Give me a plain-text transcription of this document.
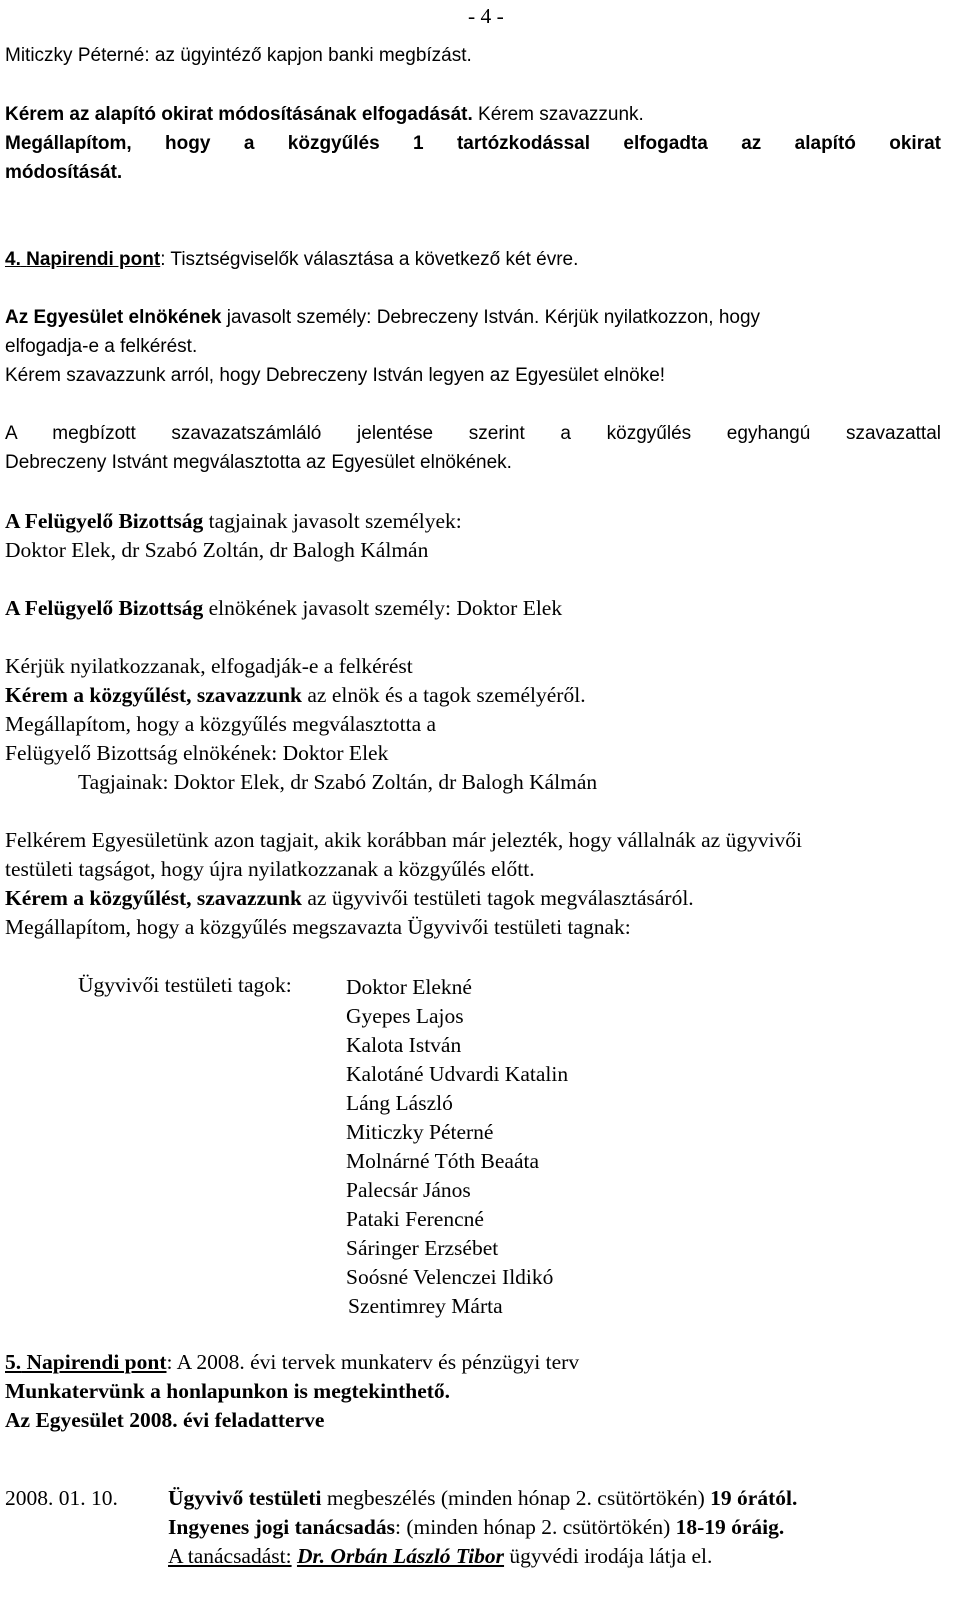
- 4 -
Miticzky Péterné: az ügyintéző kapjon banki megbízást.
Kérem az alapító okirat módosításának elfogadását. Kérem szavazzunk.
Megállapítom, hogy a közgyűlés 1 tartózkodással elfogadta az alapító okirat
módosítását.
4. Napirendi pont: Tisztségviselők választása a következő két évre.
Az Egyesület elnökének javasolt személy: Debreczeny István. Kérjük nyilatkozzon, hogy
elfogadja-e a felkérést.
Kérem szavazzunk arról, hogy Debreczeny István legyen az Egyesület elnöke!
A megbízott szavazatszámláló jelentése szerint a közgyűlés egyhangú szavazattal
Debreczeny Istvánt megválasztotta az Egyesület elnökének.
A Felügyelő Bizottság tagjainak javasolt személyek:
Doktor Elek, dr Szabó Zoltán, dr Balogh Kálmán
A Felügyelő Bizottság elnökének javasolt személy: Doktor Elek
Kérjük nyilatkozzanak, elfogadják-e a felkérést
Kérem a közgyűlést, szavazzunk az elnök és a tagok személyéről.
Megállapítom, hogy a közgyűlés megválasztotta a
Felügyelő Bizottság elnökének: Doktor Elek
Tagjainak: Doktor Elek, dr Szabó Zoltán, dr Balogh Kálmán
Felkérem Egyesületünk azon tagjait, akik korábban már jelezték, hogy vállalnák az ügyvivői
testületi tagságot, hogy újra nyilatkozzanak a közgyűlés előtt.
Kérem a közgyűlést, szavazzunk az ügyvivői testületi tagok megválasztásáról.
Megállapítom, hogy a közgyűlés megszavazta Ügyvivői testületi tagnak:
Ügyvivői testületi tagok:	Doktor Elekné
Gyepes Lajos
Kalota István
Kalotáné Udvardi Katalin
Láng László
Miticzky Péterné
Molnárné Tóth Beaáta
Palecsár János
Pataki Ferencné
Sáringer Erzsébet
Soósné Velenczei Ildikó
Szentimrey Márta
5. Napirendi pont: A 2008. évi tervek munkaterv és pénzügyi terv
Munkatervünk a honlapunkon is megtekinthető.
Az Egyesület 2008. évi feladatterve
2008. 01. 10. Ügyvivő testületi megbeszélés (minden hónap 2. csütörtökén) 19 órától.
Ingyenes jogi tanácsadás: (minden hónap 2. csütörtökén) 18-19 óráig.
A tanácsadást: Dr. Orbán László Tibor ügyvédi irodája látja el.
